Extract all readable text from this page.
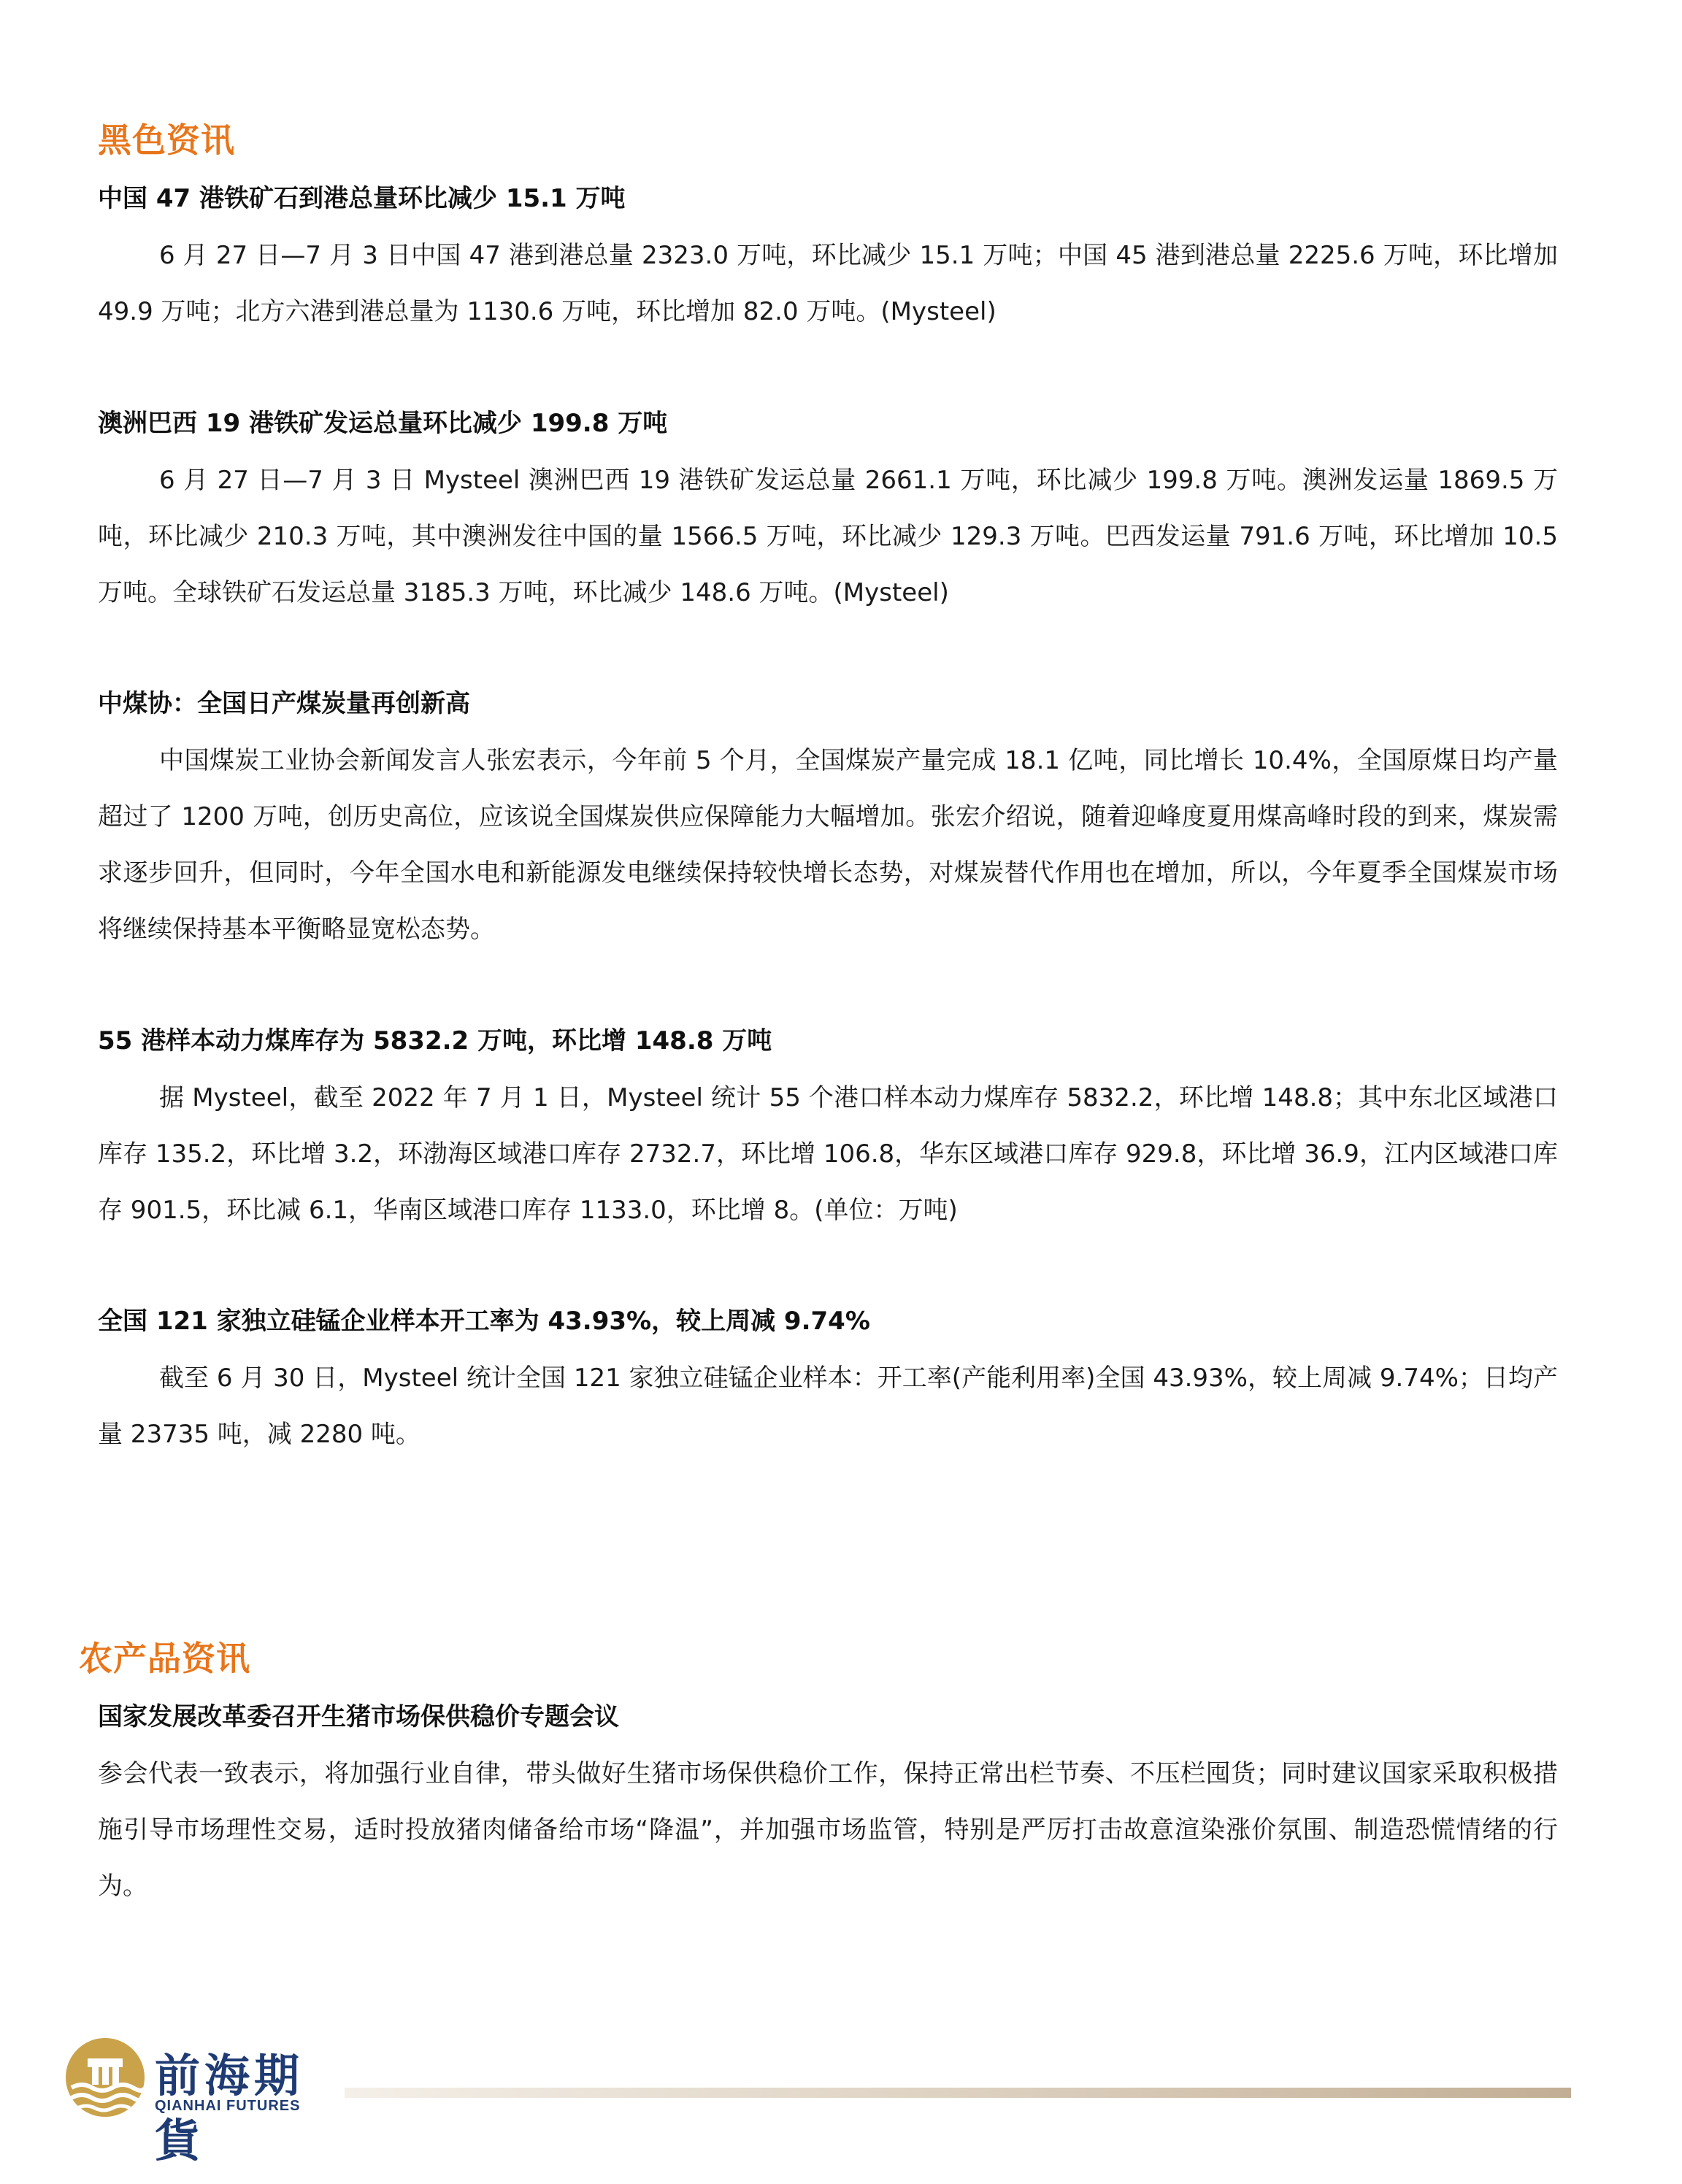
黑色资讯
中国 47 港铁矿石到港总量环比减少 15.1 万吨

6 月 27 日—7 月 3 日中国 47 港到港总量 2323.0 万吨，环比减少 15.1 万吨；中国 45 港到港总量 2225.6 万吨，环比增加 49.9 万吨；北方六港到港总量为 1130.6 万吨，环比增加 82.0 万吨。(Mysteel)

澳洲巴西 19 港铁矿发运总量环比减少 199.8 万吨

6 月 27 日—7 月 3 日 Mysteel 澳洲巴西 19 港铁矿发运总量 2661.1 万吨，环比减少 199.8 万吨。澳洲发运量 1869.5 万吨，环比减少 210.3 万吨，其中澳洲发往中国的量 1566.5 万吨，环比减少 129.3 万吨。巴西发运量 791.6 万吨，环比增加 10.5 万吨。全球铁矿石发运总量 3185.3 万吨，环比减少 148.6 万吨。(Mysteel)

中煤协：全国日产煤炭量再创新高

中国煤炭工业协会新闻发言人张宏表示，今年前 5 个月，全国煤炭产量完成 18.1 亿吨，同比增长 10.4%，全国原煤日均产量超过了 1200 万吨，创历史高位，应该说全国煤炭供应保障能力大幅增加。张宏介绍说，随着迎峰度夏用煤高峰时段的到来，煤炭需求逐步回升，但同时，今年全国水电和新能源发电继续保持较快增长态势，对煤炭替代作用也在增加，所以，今年夏季全国煤炭市场将继续保持基本平衡略显宽松态势。

55 港样本动力煤库存为 5832.2 万吨，环比增 148.8 万吨

据 Mysteel，截至 2022 年 7 月 1 日，Mysteel 统计 55 个港口样本动力煤库存 5832.2，环比增 148.8；其中东北区域港口库存 135.2，环比增 3.2，环渤海区域港口库存 2732.7，环比增 106.8，华东区域港口库存 929.8，环比增 36.9，江内区域港口库存 901.5，环比减 6.1，华南区域港口库存 1133.0，环比增 8。(单位：万吨)

全国 121 家独立硅锰企业样本开工率为 43.93%，较上周减 9.74%

截至 6 月 30 日，Mysteel 统计全国 121 家独立硅锰企业样本：开工率(产能利用率)全国 43.93%，较上周减 9.74%；日均产量 23735 吨，减 2280 吨。

农产品资讯
国家发展改革委召开生猪市场保供稳价专题会议

参会代表一致表示，将加强行业自律，带头做好生猪市场保供稳价工作，保持正常出栏节奏、不压栏囤货；同时建议国家采取积极措施引导市场理性交易，适时投放猪肉储备给市场“降温”，并加强市场监管，特别是严厉打击故意渲染涨价氛围、制造恐慌情绪的行为。

前海期貨
QIANHAI FUTURES
